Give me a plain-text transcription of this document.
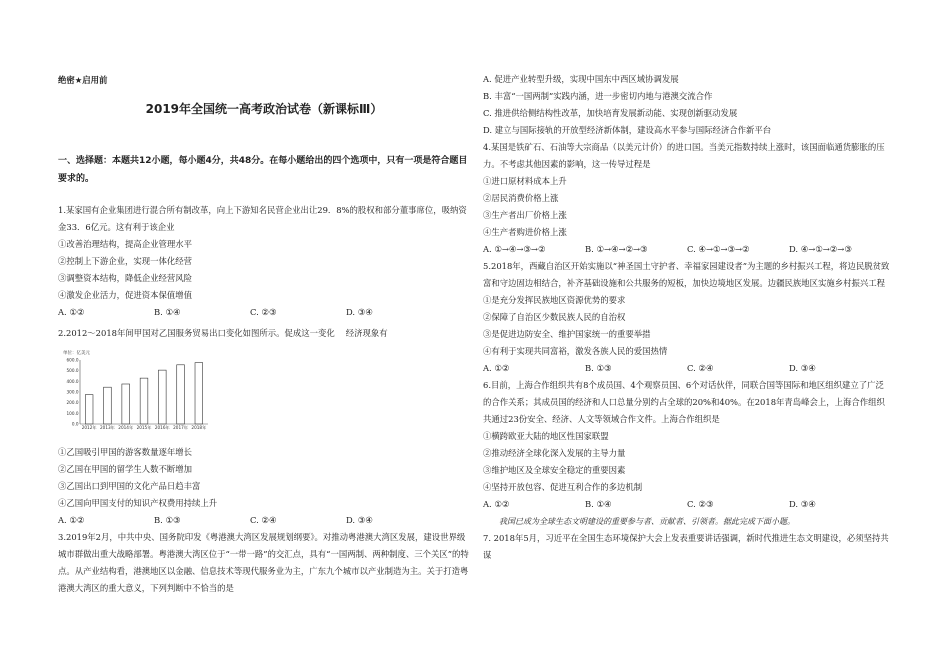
绝密★启用前
2019年全国统一高考政治试卷（新课标Ⅲ）
一、选择题：本题共12小题，每小题4分，共48分。在每小题给出的四个选项中，只有一项是符合题目要求的。

1.某家国有企业集团进行混合所有制改革，向上下游知名民营企业出让29．8%的股权和部分董事席位，吸纳资金33．6亿元。这有利于该企业

①改善治理结构，提高企业管理水平

②控制上下游企业，实现一体化经营

③调整资本结构，降低企业经营风险

④激发企业活力，促进资本保值增值

A. ①②	B. ①④	C. ②③	D. ③④

2.2012～2018年间甲国对乙国服务贸易出口变化如图所示。促成这一变化　 经济现象有

单位：亿美元
600.0
500.0
400.0
300.0
200.0
100.0
0.0
2012年 2013年 2014年 2015年 2016年 2017年 2018年

①乙国吸引甲国的游客数量逐年增长

②乙国在甲国的留学生人数不断增加

③乙国出口到甲国的文化产品日趋丰富

④乙国向甲国支付的知识产权费用持续上升

A. ①②	B. ①③	C. ②④	D. ③④

3.2019年2月，中共中央、国务院印发《粤港澳大湾区发展规划纲要》。对推动粤港澳大湾区发展，建设世界级城市群做出重大战略部署。粤港澳大湾区位于“一带一路”的交汇点，具有“一国两制、两种制度、三个关区”的特点。从产业结构看，港澳地区以金融、信息技术等现代服务业为主，广东九个城市以产业制造为主。关于打造粤港澳大湾区的重大意义，下列判断中不恰当的是

A. 促进产业转型升级，实现中国东中西区域协调发展

B. 丰富“一国两制”实践内涵，进一步密切内地与港澳交流合作

C. 推进供给侧结构性改革，加快培育发展新动能、实现创新驱动发展

D. 建立与国际接轨的开放型经济新体制，建设高水平参与国际经济合作新平台

4.某国是铁矿石、石油等大宗商品（以美元计价）的进口国。当美元指数持续上涨时，该国面临通货膨胀的压力。不考虑其他因素的影响，这一传导过程是

①进口原材料成本上升

②居民消费价格上涨

③生产者出厂价格上涨

④生产者购进价格上涨

A. ①→④→③→②	B. ①→④→②→③	C. ④→①→③→②	D. ④→①→②→③

5.2018年，西藏自治区开始实施以“神圣国土守护者、幸福家园建设者”为主题的乡村振兴工程，将边民脱贫致富和守边固边相结合，补齐基础设施和公共服务的短板，加快边境地区发展。边疆民族地区实施乡村振兴工程

①是充分发挥民族地区资源优势的要求

②保障了自治区少数民族人民的自治权

③是促进边防安全、维护国家统一的重要举措

④有利于实现共同富裕，激发各族人民的爱国热情

A. ①②	B. ①③	C. ②④	D. ③④

6.目前，上海合作组织共有8个成员国、4个观察员国、6个对话伙伴，同联合国等国际和地区组织建立了广泛的合作关系；其成员国的经济和人口总量分别约占全球的20%和40%。在2018年青岛峰会上，上海合作组织共通过23份安全、经济、人文等领域合作文件。上海合作组织是

①横跨欧亚大陆的地区性国家联盟

②推动经济全球化深入发展的主导力量

③维护地区及全球安全稳定的重要因素

④坚持开放包容、促进互利合作的多边机制

A. ①②	B. ①④	C. ②③	D. ③④

我国已成为全球生态文明建设的重要参与者、贡献者、引领者。据此完成下面小题。

7. 2018年5月，习近平在全国生态环境保护大会上发表重要讲话强调，新时代推进生态文明建设，必须坚持共谋
